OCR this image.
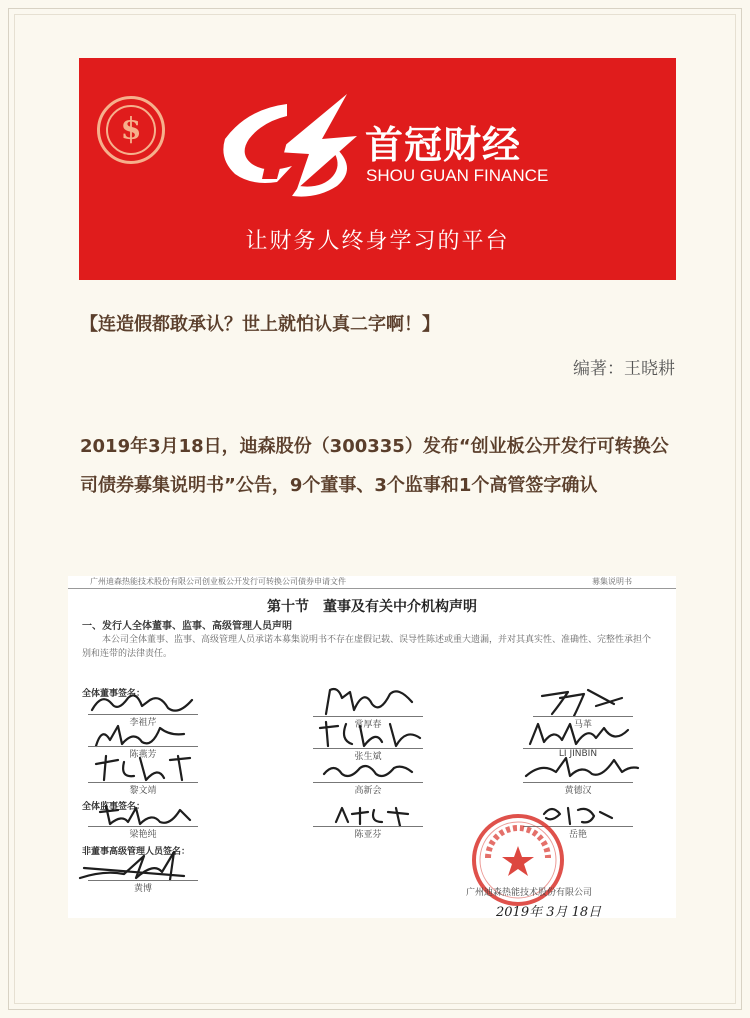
$	首冠财经
SHOU GUAN FINANCE
让财务人终身学习的平台
【连造假都敢承认？世上就怕认真二字啊！】
编著：王晓耕
2019年3月18日，迪森股份（300335）发布“创业板公开发行可转换公司债券募集说明书”公告，9个董事、3个监事和1个高管签字确认
广州迪森热能技术股份有限公司创业板公开发行可转换公司债券申请文件	募集说明书
第十节　董事及有关中介机构声明
一、发行人全体董事、监事、高级管理人员声明
本公司全体董事、监事、高级管理人员承诺本募集说明书不存在虚假记载、误导性陈述或重大遗漏，并对其真实性、准确性、完整性承担个别和连带的法律责任。
全体董事签名：
李祖芹	常厚春	马革
陈燕芳	张生斌	LI JINBIN
黎文靖	高新会	黄德汉
全体监事签名：
梁艳纯	陈亚芬	岳艳
非董事高级管理人员签名：
黄博	广州迪森热能技术股份有限公司
2019年 3月 18日
